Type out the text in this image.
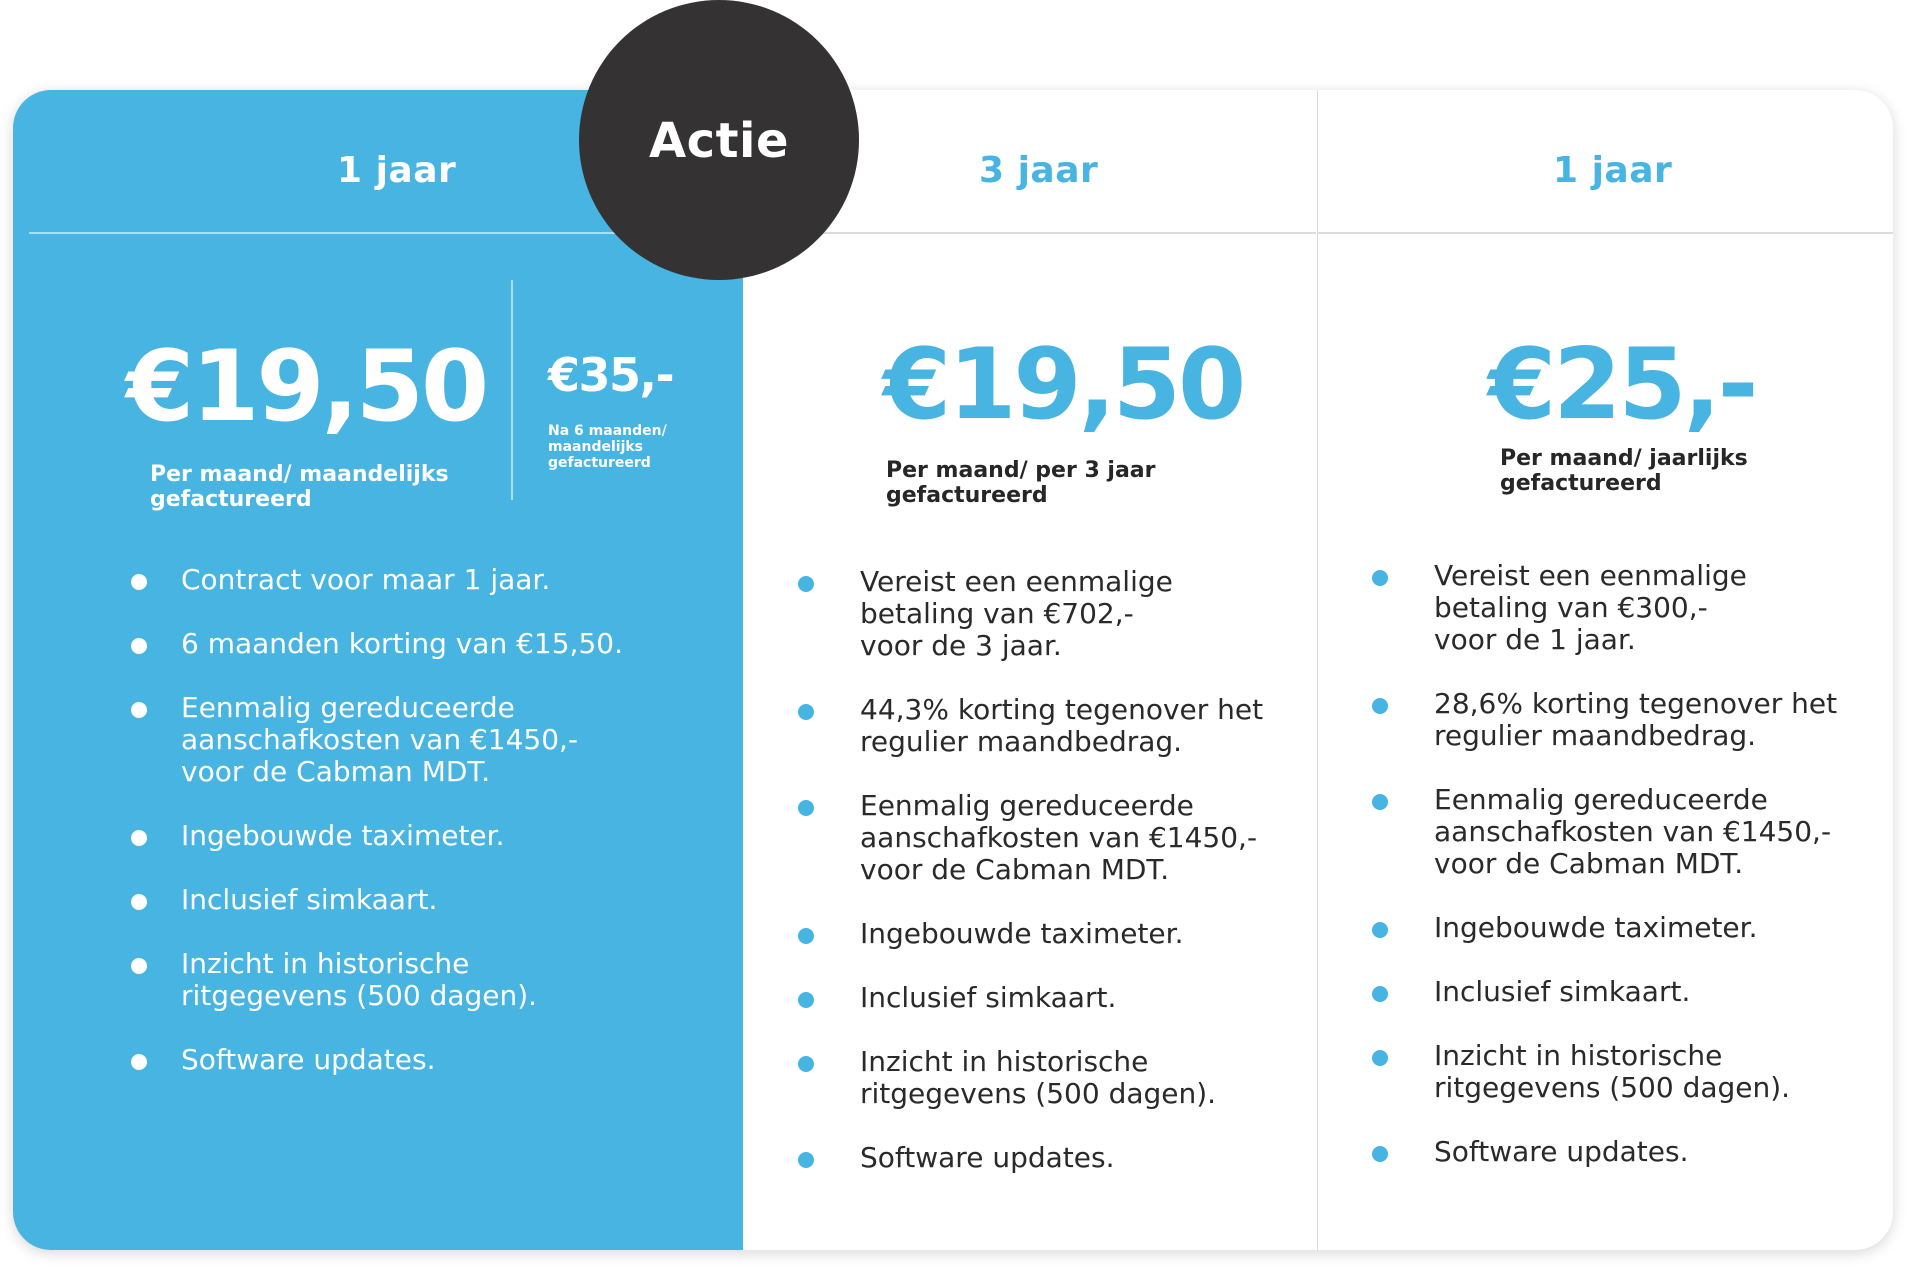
1 jaar
€19,50
Per maand/ maandelijks
gefactureerd
€35,-
Na 6 maanden/
maandelijks
gefactureerd
Contract voor maar 1 jaar.
6 maanden korting van €15,50.
Eenmalig gereduceerde
aanschafkosten van €1450,-
voor de Cabman MDT.
Ingebouwde taximeter.
Inclusief simkaart.
Inzicht in historische
ritgegevens (500 dagen).
Software updates.
3 jaar
€19,50
Per maand/ per 3 jaar
gefactureerd
Vereist een eenmalige
betaling van €702,-
voor de 3 jaar.
44,3% korting tegenover het
regulier maandbedrag.
Eenmalig gereduceerde
aanschafkosten van €1450,-
voor de Cabman MDT.
Ingebouwde taximeter.
Inclusief simkaart.
Inzicht in historische
ritgegevens (500 dagen).
Software updates.
1 jaar
€25,-
Per maand/ jaarlijks
gefactureerd
Vereist een eenmalige
betaling van €300,-
voor de 1 jaar.
28,6% korting tegenover het
regulier maandbedrag.
Eenmalig gereduceerde
aanschafkosten van €1450,-
voor de Cabman MDT.
Ingebouwde taximeter.
Inclusief simkaart.
Inzicht in historische
ritgegevens (500 dagen).
Software updates.
Actie
